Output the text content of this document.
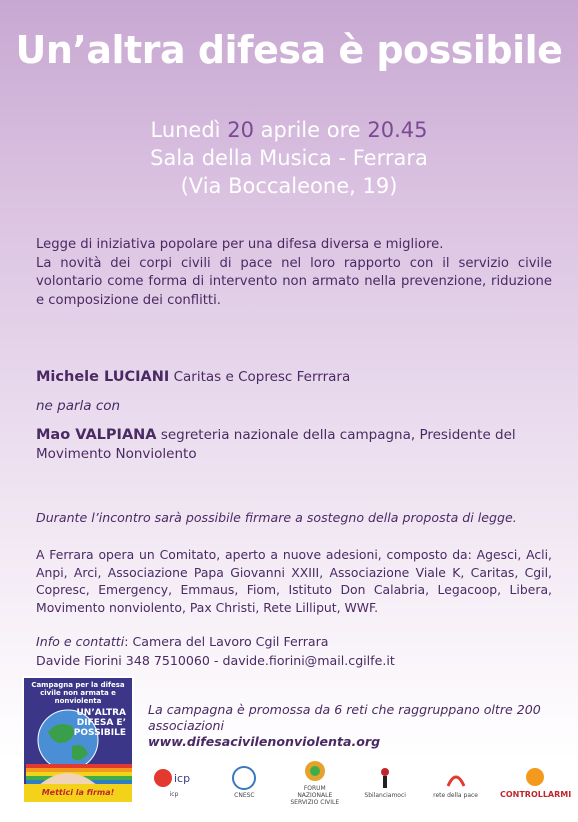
Un’altra difesa è possibile
Lunedì 20 aprile ore 20.45
Sala della Musica - Ferrara
(Via Boccaleone, 19)

Legge di iniziativa popolare per una difesa diversa e migliore.

La novità dei corpi civili di pace nel loro rapporto con il servizio civile volontario come forma di intervento non armato nella prevenzione, riduzione e composizione dei conflitti.

Michele LUCIANI Caritas e Copresc Ferrrara
ne parla con
Mao VALPIANA segreteria nazionale della campagna, Presidente del Movimento Nonviolento
Durante l’incontro sarà possibile firmare a sostegno della proposta di legge.
A Ferrara opera un Comitato, aperto a nuove adesioni, composto da: Agesci, Acli, Anpi, Arci, Associazione Papa Giovanni XXIII, Associazione Viale K, Caritas, Cgil, Copresc, Emergency, Emmaus, Fiom, Istituto Don Calabria, Legacoop, Libera, Movimento nonviolento, Pax Christi, Rete Lilliput, WWF.
Info e contatti: Camera del Lavoro Cgil Ferrara
Davide Fiorini 348 7510060 - davide.fiorini@mail.cgilfe.it
Campagna per la difesa civile non armata e nonviolenta
UN’ALTRA DIFESA E’ POSSIBILE
Mettici la firma!
La campagna è promossa da 6 reti che raggruppano oltre 200 associazioni
www.difesacivilenonviolenta.org
icp
icp	CNESC
FORUM NAZIONALE SERVIZIO CIVILE
Sbilanciamoci	rete della pace	CONTROLLARMI
